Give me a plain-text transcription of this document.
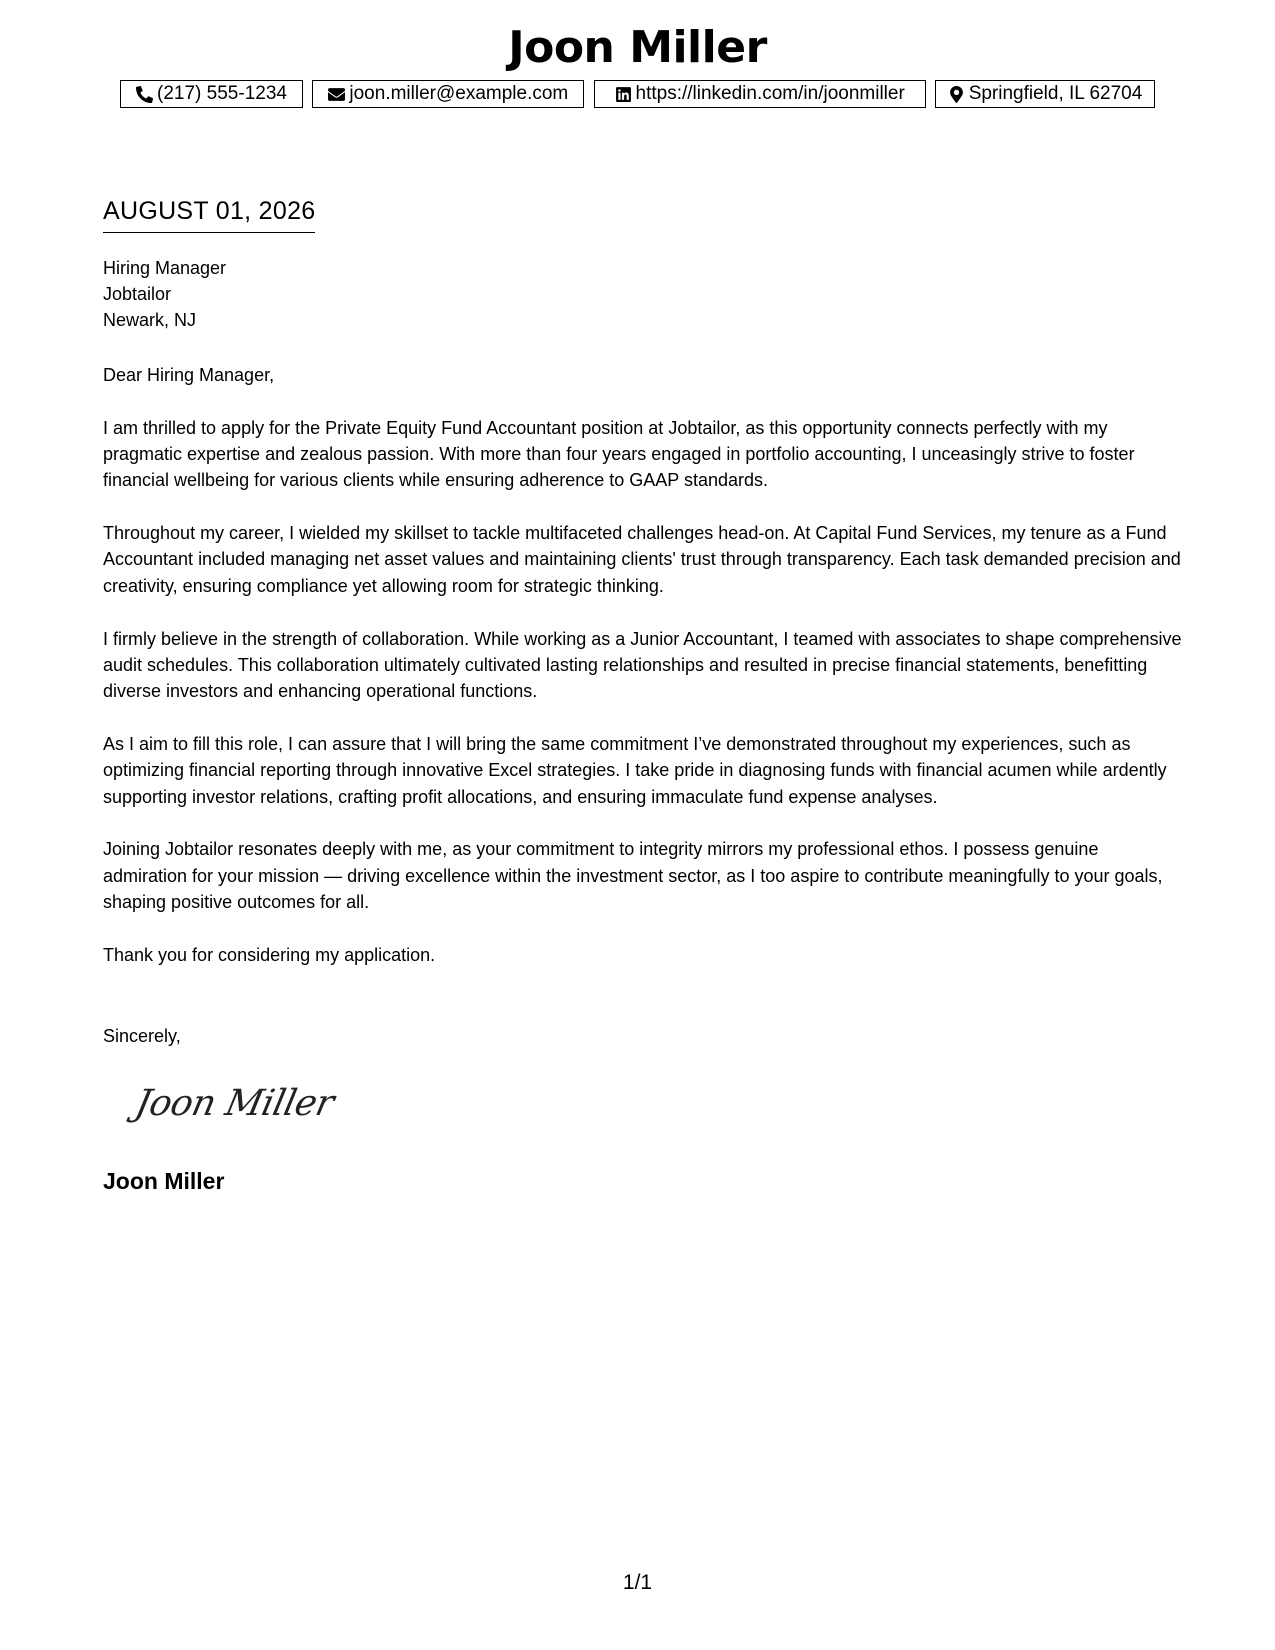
Joon Miller
(217) 555-1234	joon.miller@example.com	https://linkedin.com/in/joonmiller	Springfield, IL 62704
AUGUST 01, 2026
Hiring Manager
Jobtailor
Newark, NJ

Dear Hiring Manager,

I am thrilled to apply for the Private Equity Fund Accountant position at Jobtailor, as this opportunity connects perfectly with my pragmatic expertise and zealous passion. With more than four years engaged in portfolio accounting, I unceasingly strive to foster financial wellbeing for various clients while ensuring adherence to GAAP standards.

Throughout my career, I wielded my skillset to tackle multifaceted challenges head-on. At Capital Fund Services, my tenure as a Fund Accountant included managing net asset values and maintaining clients' trust through transparency. Each task demanded precision and creativity, ensuring compliance yet allowing room for strategic thinking.

I firmly believe in the strength of collaboration. While working as a Junior Accountant, I teamed with associates to shape comprehensive audit schedules. This collaboration ultimately cultivated lasting relationships and resulted in precise financial statements, benefitting diverse investors and enhancing operational functions.

As I aim to fill this role, I can assure that I will bring the same commitment I’ve demonstrated throughout my experiences, such as optimizing financial reporting through innovative Excel strategies. I take pride in diagnosing funds with financial acumen while ardently supporting investor relations, crafting profit allocations, and ensuring immaculate fund expense analyses.

Joining Jobtailor resonates deeply with me, as your commitment to integrity mirrors my professional ethos. I possess genuine admiration for your mission — driving excellence within the investment sector, as I too aspire to contribute meaningfully to your goals, shaping positive outcomes for all.

Thank you for considering my application.

Sincerely,
Joon Miller
Joon Miller
1/1
